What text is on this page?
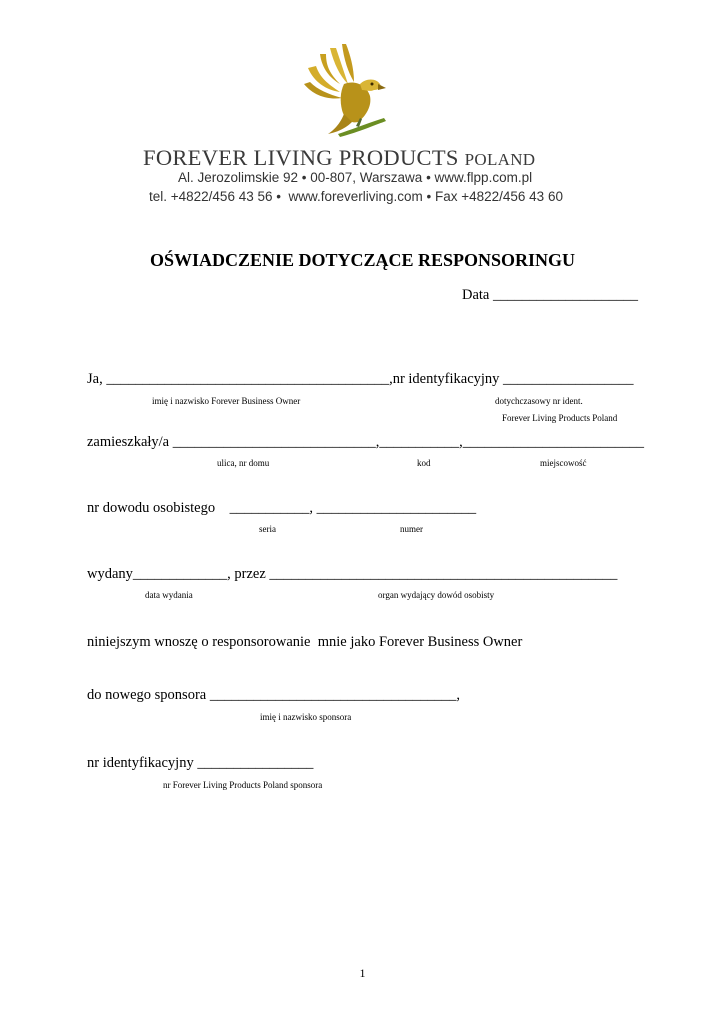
FOREVER LIVING PRODUCTS POLAND
Al. Jerozolimskie 92 • 00-807, Warszawa • www.flpp.com.pl
tel. +4822/456 43 56 •  www.foreverliving.com • Fax +4822/456 43 60
OŚWIADCZENIE DOTYCZĄCE RESPONSORINGU
Data ____________________
Ja, _______________________________________,nr identyfikacyjny __________________
imię i nazwisko Forever Business Owner	dotychczasowy nr ident.
Forever Living Products Poland
zamieszkały/a ____________________________,___________,_________________________
ulica, nr domu	kod	miejscowość
nr dowodu osobistego    ___________, ______________________
seria	numer
wydany_____________, przez ________________________________________________
data wydania	organ wydający dowód osobisty
niniejszym wnoszę o responsorowanie  mnie jako Forever Business Owner
do nowego sponsora __________________________________,
imię i nazwisko sponsora
nr identyfikacyjny ________________
nr Forever Living Products Poland sponsora
1
